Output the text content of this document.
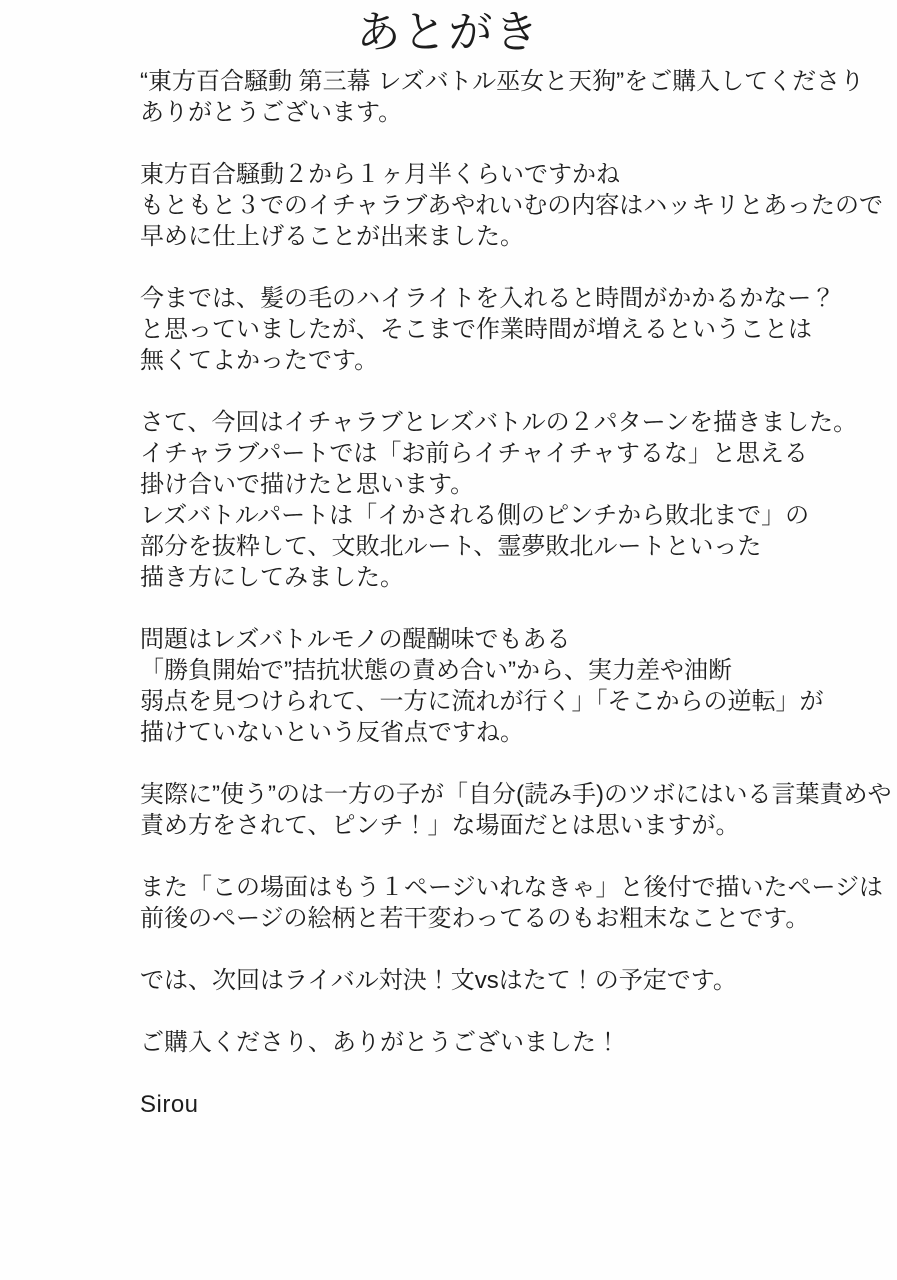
あとがき

“東方百合騒動 第三幕 レズバトル巫女と天狗”をご購入してくださり
ありがとうございます。

東方百合騒動２から１ヶ月半くらいですかね
もともと３でのイチャラブあやれいむの内容はハッキリとあったので
早めに仕上げることが出来ました。

今までは、髪の毛のハイライトを入れると時間がかかるかなー？
と思っていましたが、そこまで作業時間が増えるということは
無くてよかったです。

さて、今回はイチャラブとレズバトルの２パターンを描きました。
イチャラブパートでは「お前らイチャイチャするな」と思える
掛け合いで描けたと思います。
レズバトルパートは「イかされる側のピンチから敗北まで」の
部分を抜粋して、文敗北ルート、霊夢敗北ルートといった
描き方にしてみました。

問題はレズバトルモノの醍醐味でもある
「勝負開始で”拮抗状態の責め合い”から、実力差や油断
弱点を見つけられて、一方に流れが行く」「そこからの逆転」が
描けていないという反省点ですね。

実際に”使う”のは一方の子が「自分(読み手)のツボにはいる言葉責めや
責め方をされて、ピンチ！」な場面だとは思いますが。

また「この場面はもう１ページいれなきゃ」と後付で描いたページは
前後のページの絵柄と若干変わってるのもお粗末なことです。

では、次回はライバル対決！文vsはたて！の予定です。

ご購入くださり、ありがとうございました！

Sirou
